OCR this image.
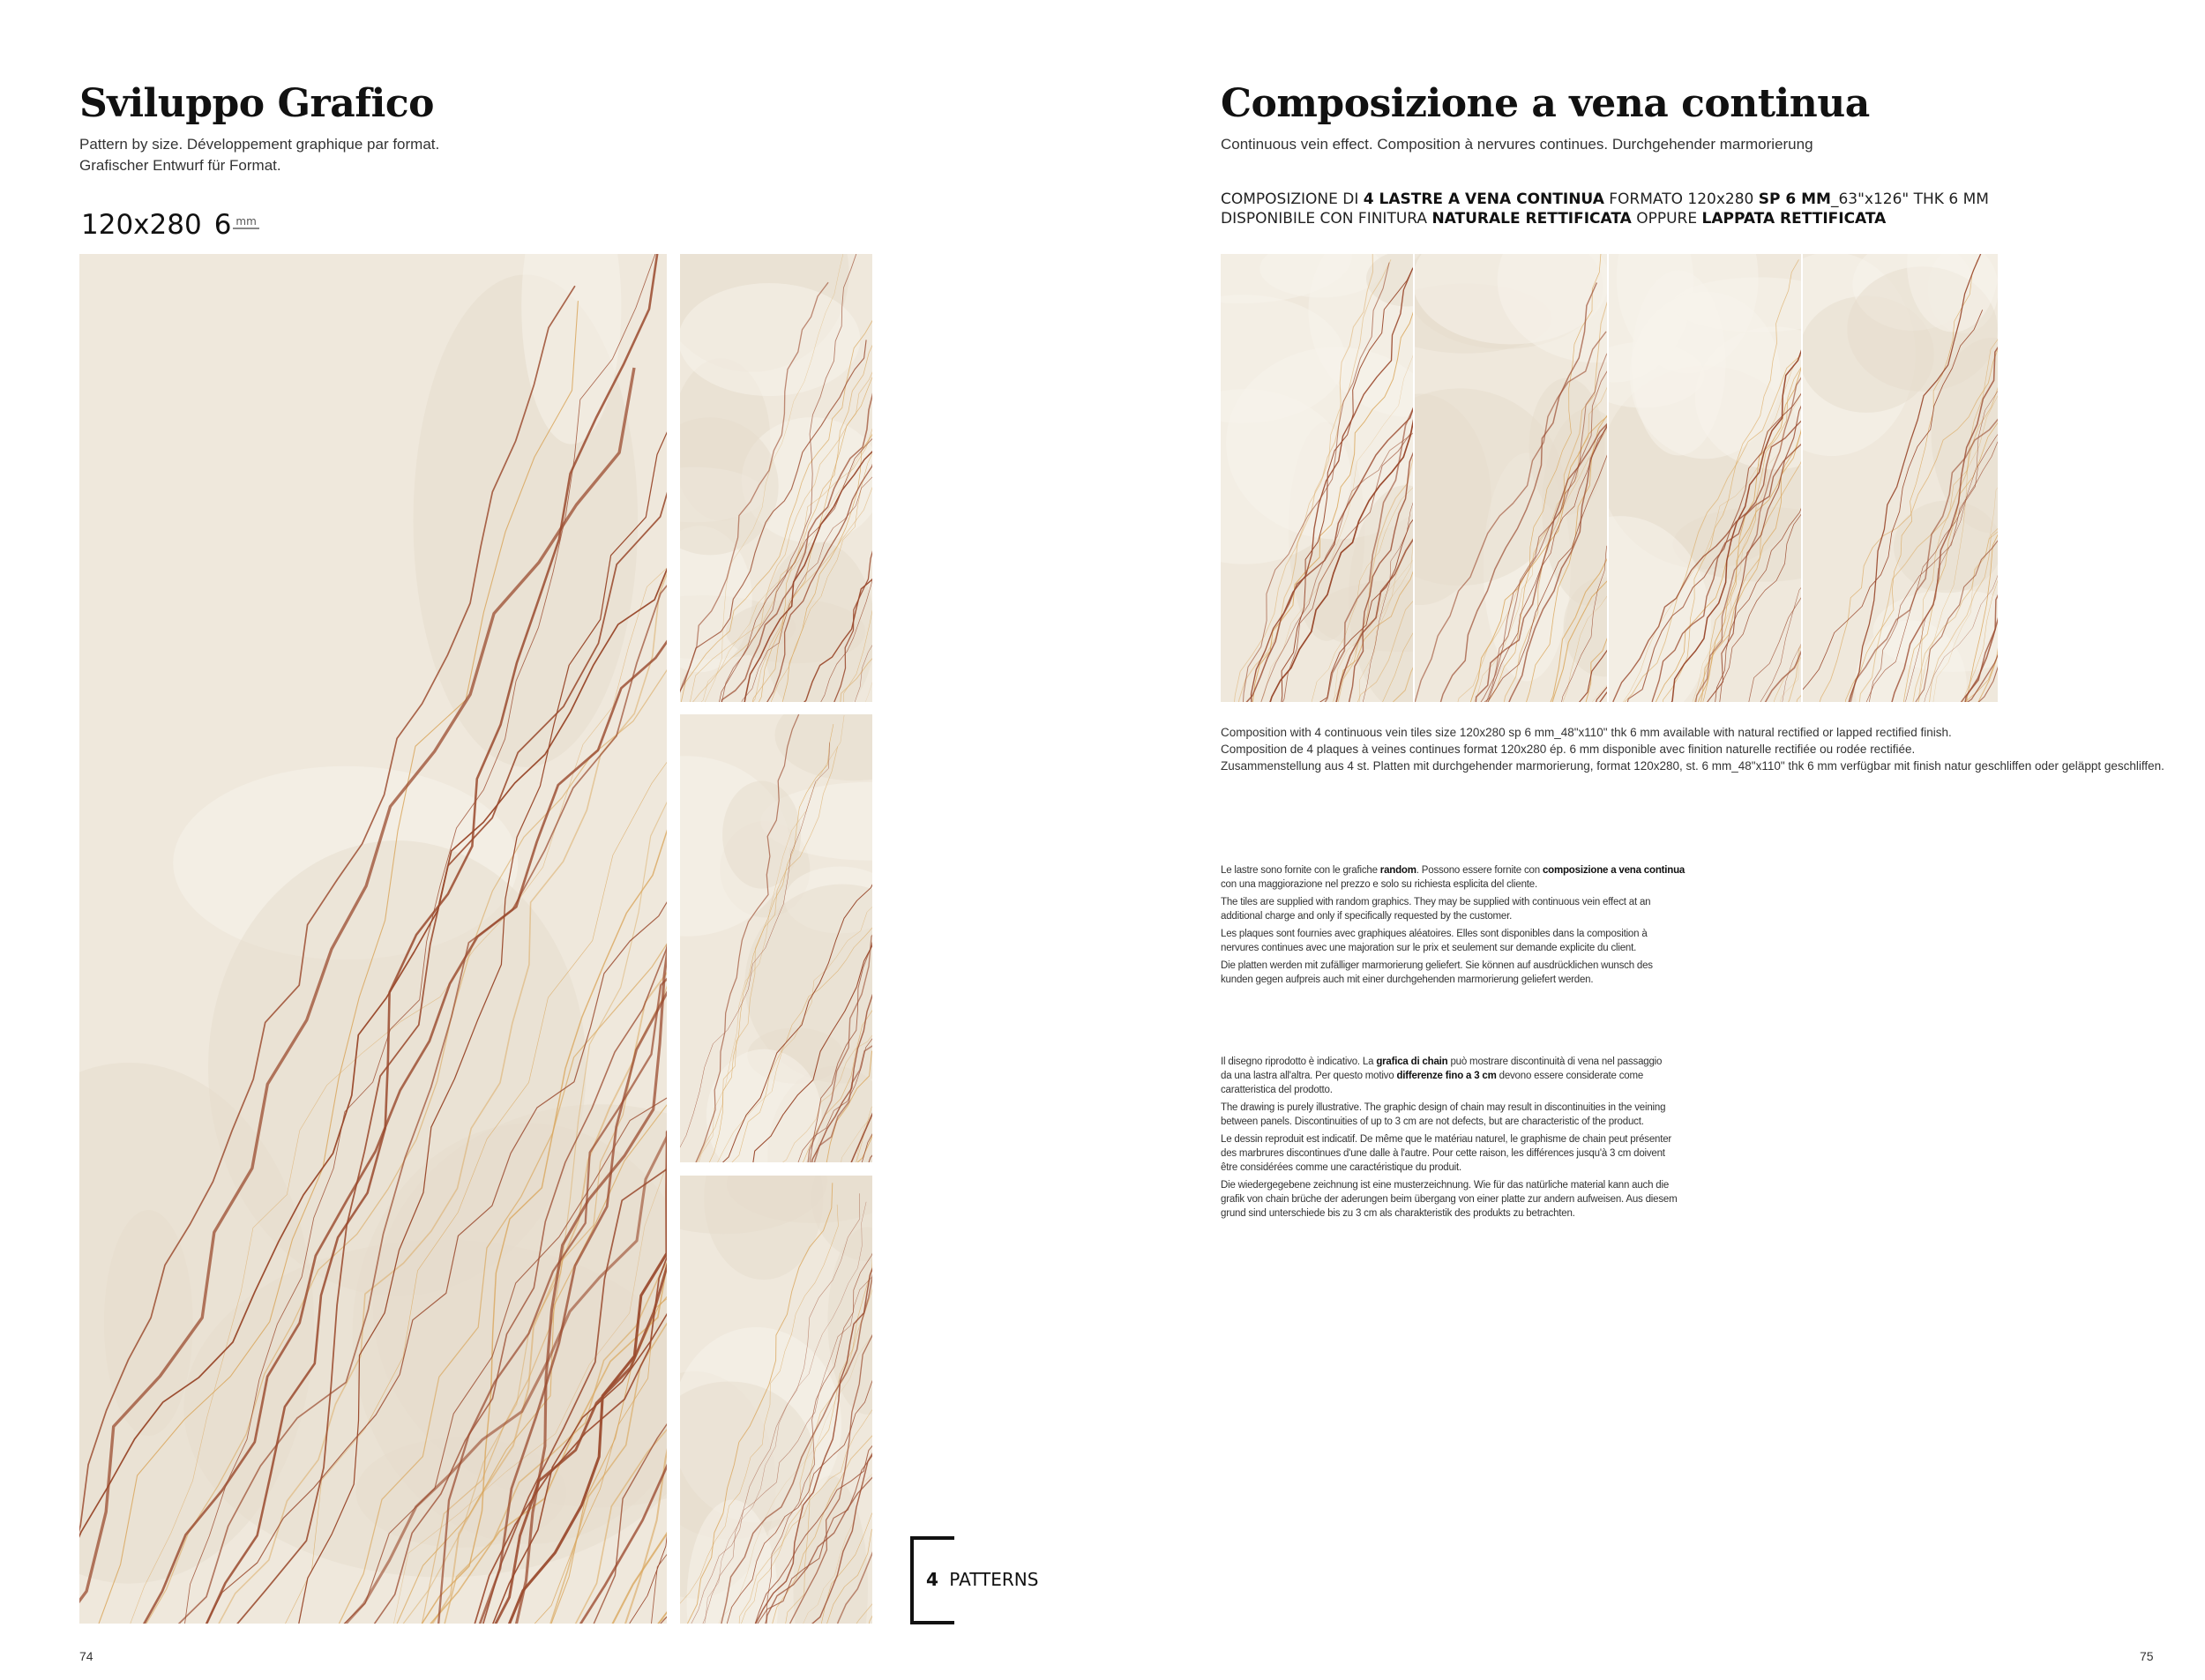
Sviluppo Grafico
Pattern by size. Développement graphique par format.
Grafischer Entwurf für Format.
120x280 6 mm
4 PATTERNS
74
Composizione a vena continua
Continuous vein effect. Composition à nervures continues. Durchgehender marmorierung
COMPOSIZIONE DI 4 LASTRE A VENA CONTINUA FORMATO 120x280 SP 6 MM_63"x126" THK 6 MM
DISPONIBILE CON FINITURA NATURALE RETTIFICATA OPPURE LAPPATA RETTIFICATA
Composition with 4 continuous vein tiles size 120x280 sp 6 mm_48"x110" thk 6 mm available with natural rectified or lapped rectified finish.
Composition de 4 plaques à veines continues format 120x280 ép. 6 mm disponible avec finition naturelle rectifiée ou rodée rectifiée.
Zusammenstellung aus 4 st. Platten mit durchgehender marmorierung, format 120x280, st. 6 mm_48"x110" thk 6 mm verfügbar mit finish natur geschliffen oder geläppt geschliffen.
Le lastre sono fornite con le grafiche random. Possono essere fornite con composizione a vena continua
con una maggiorazione nel prezzo e solo su richiesta esplicita del cliente.
The tiles are supplied with random graphics. They may be supplied with continuous vein effect at an
additional charge and only if specifically requested by the customer.
Les plaques sont fournies avec graphiques aléatoires. Elles sont disponibles dans la composition à
nervures continues avec une majoration sur le prix et seulement sur demande explicite du client.
Die platten werden mit zufälliger marmorierung geliefert. Sie können auf ausdrücklichen wunsch des
kunden gegen aufpreis auch mit einer durchgehenden marmorierung geliefert werden.
Il disegno riprodotto è indicativo. La grafica di chain può mostrare discontinuità di vena nel passaggio
da una lastra all'altra. Per questo motivo differenze fino a 3 cm devono essere considerate come
caratteristica del prodotto.
The drawing is purely illustrative. The graphic design of chain may result in discontinuities in the veining
between panels. Discontinuities of up to 3 cm are not defects, but are characteristic of the product.
Le dessin reproduit est indicatif. De même que le matériau naturel, le graphisme de chain peut présenter
des marbrures discontinues d'une dalle à l'autre. Pour cette raison, les différences jusqu'à 3 cm doivent
être considérées comme une caractéristique du produit.
Die wiedergegebene zeichnung ist eine musterzeichnung. Wie für das natürliche material kann auch die
grafik von chain brüche der aderungen beim übergang von einer platte zur andern aufweisen. Aus diesem
grund sind unterschiede bis zu 3 cm als charakteristik des produkts zu betrachten.
75
